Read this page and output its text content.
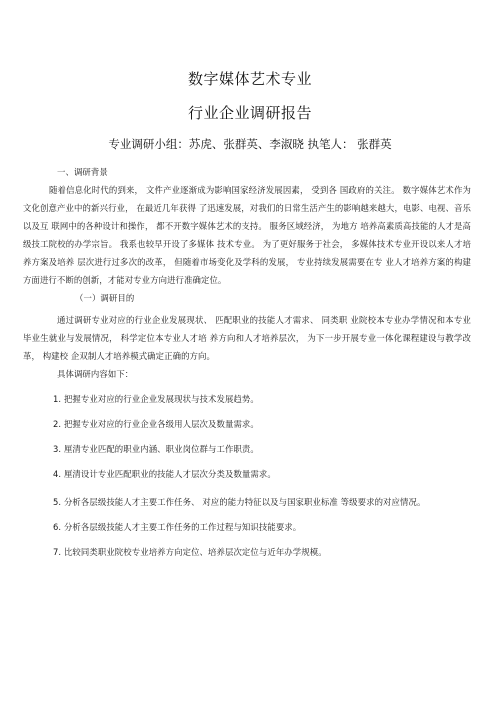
数字媒体艺术专业
行业企业调研报告
专业调研小组：苏虎、张群英、李淑晓 执笔人： 张群英

一、调研背景

随着信息化时代的到来， 文件产业逐渐成为影响国家经济发展因素， 受到各 国政府的关注。 数字媒体艺术作为文化创意产业中的新兴行业， 在最近几年获得 了迅速发展，对我们的日常生活产生的影响越来越大，电影、电视、音乐以及互 联网中的各种设计和操作， 都不开数字媒体艺术的支持。 服务区域经济， 为地方 培养高素质高技能的人才是高级技工院校的办学宗旨。 我系也较早开设了多媒体 技术专业。 为了更好服务于社会， 多媒体技术专业开设以来人才培养方案及培养 层次进行过多次的改革， 但随着市场变化及学科的发展， 专业持续发展需要在专 业人才培养方案的构建方面进行不断的创新，才能对专业方向进行准确定位。

（一）调研目的

通过调研专业对应的行业企业发展现状、 匹配职业的技能人才需求、 同类职 业院校本专业办学情况和本专业毕业生就业与发展情况， 科学定位本专业人才培 养方向和人才培养层次， 为下一步开展专业一体化课程建设与教学改革， 构建校 企双制人才培养模式确定正确的方向。

具体调研内容如下：

1. 把握专业对应的行业企业发展现状与技术发展趋势。

2. 把握专业对应的行业企业各级用人层次及数量需求。

3. 厘清专业匹配的职业内涵、职业岗位群与工作职责。

4. 厘清设计专业匹配职业的技能人才层次分类及数量需求。

5. 分析各层级技能人才主要工作任务、 对应的能力特征以及与国家职业标准 等级要求的对应情况。

6. 分析各层级技能人才主要工作任务的工作过程与知识技能要求。

7. 比较同类职业院校专业培养方向定位、培养层次定位与近年办学规模。
